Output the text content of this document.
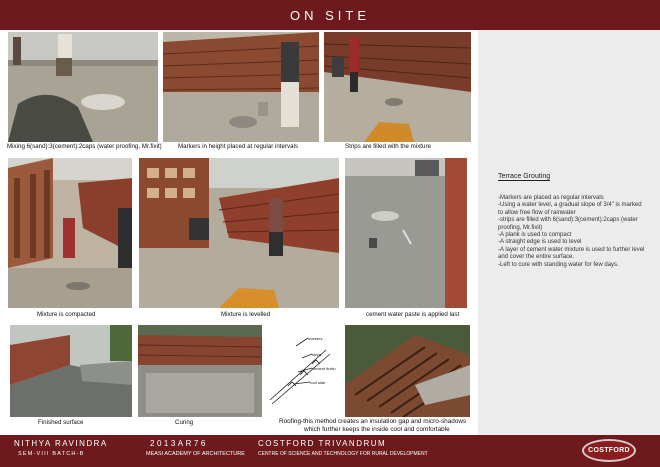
ON SITE
Mixing 6(sand):3(cement):2caps (water proofing, Mr.fixit)	Markers in height placed at regular intervals	Strips are filled with the mixture
Mixture is compacted	Mixture is levelled	cement water paste is applied last
Finished surface	Curing
markers
strips
cement finish
roof slab
Roofing-this method creates an insulation gap and micro-shadows
which further keeps the inside cool and comfortable
Terrace Grouting
-Markers are placed as regular intervals
-Using a water level, a gradual slope of 3/4" is marked to allow free flow of rainwater
-strips are filled with 6(sand):3(cement):2caps (water proofing, Mr.fixit)
-A plank is used to compact
-A straight edge is used to level
-A layer of cement water mixture is used to further level and cover the entire surface.
-Left to cure with standing water for few days.
NITHYA RAVINDRA
SEM-VIII BATCH-B
2013AR76
MEASI ACADEMY OF ARCHITECTURE
COSTFORD TRIVANDRUM
CENTRE OF SCIENCE AND TECHNOLOGY FOR RURAL DEVELOPMENT	COSTFORD
